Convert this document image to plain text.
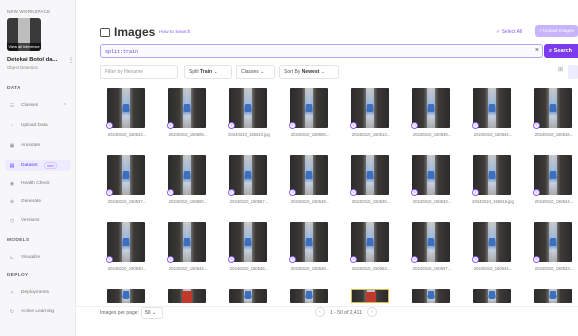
NEW WORKSPACE
View all inference
Detekai Botol da... ⋮
Object Detection
DATA
☷	Classes	⌃
↑	Upload Data
▣	Annotate
▤	Dataset	new
◉	Health Check
⊕	Generate
◷	Versions
MODELS
⊾	Visualize
DEPLOY
✧	Deployments
↻	Active Learning
Images How to Search	✓ Select All	+ Upload Images
split:train	×	⌕ Search
Filter by filename	Split Train ⌄	Classes ⌄	Sort By Newest ⌄	⊞
◎
20240310_150544...
◎
20240310_150605...
◎
20240310_150610.jpg
◎
20240310_150606...
◎
20240310_150513...
◎
20240310_150546...
◎
20240310_150544...
◎
20240310_150616...
◎
20240310_150537...
◎
20240310_150500...
◎
20240310_150557...
◎
20240310_150549...
◎
20240310_150530...
◎
20240310_150533...
◎
20240310_150615.jpg
◎
20240310_150544...
◎
20240310_150530...
◎
20240310_150544...
◎
20240310_150536...
◎
20240310_150548...
◎
20240310_150553...
◎
20240310_150537...
◎
20240310_150544...
◎
20240310_150533...
Images per page:	50 ⌄	‹	1 - 50 of 2,411	›
